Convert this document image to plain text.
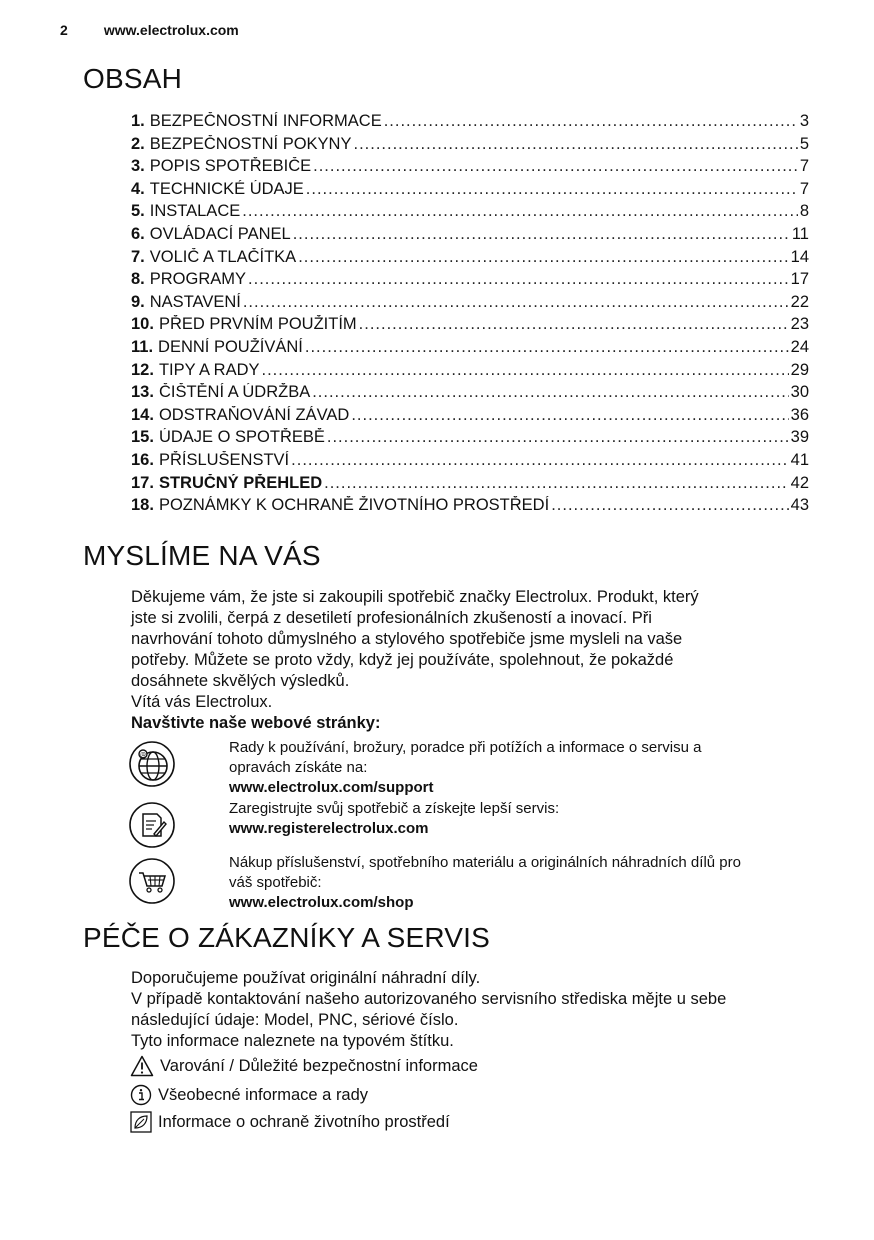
2	www.electrolux.com
OBSAH
1. BEZPEČNOSTNÍ INFORMACE .....	3
2. BEZPEČNOSTNÍ POKYNY .....	5
3. POPIS SPOTŘEBIČE .....	7
4. TECHNICKÉ ÚDAJE .....	7
5. INSTALACE .....	8
6. OVLÁDACÍ PANEL .....	11
7. VOLIČ A TLAČÍTKA .....	14
8. PROGRAMY .....	17
9. NASTAVENÍ .....	22
10. PŘED PRVNÍM POUŽITÍM .....	23
11. DENNÍ POUŽÍVÁNÍ .....	24
12. TIPY A RADY .....	29
13. ČIŠTĚNÍ A ÚDRŽBA .....	30
14. ODSTRAŇOVÁNÍ ZÁVAD .....	36
15. ÚDAJE O SPOTŘEBĚ .....	39
16. PŘÍSLUŠENSTVÍ .....	41
17. STRUČNÝ PŘEHLED .....	42
18. POZNÁMKY K OCHRANĚ ŽIVOTNÍHO PROSTŘEDÍ .....	43
MYSLÍME NA VÁS
Děkujeme vám, že jste si zakoupili spotřebič značky Electrolux. Produkt, který
jste si zvolili, čerpá z desetiletí profesionálních zkušeností a inovací. Při
navrhování tohoto důmyslného a stylového spotřebiče jsme mysleli na vaše
potřeby. Můžete se proto vždy, když jej používáte, spolehnout, že pokaždé
dosáhnete skvělých výsledků.
Vítá vás Electrolux.
Navštivte naše webové stránky:
@	Rady k používání, brožury, poradce při potížích a informace o servisu a
opravách získáte na:
www.electrolux.com/support
Zaregistrujte svůj spotřebič a získejte lepší servis:
www.registerelectrolux.com
Nákup příslušenství, spotřebního materiálu a originálních náhradních dílů pro
váš spotřebič:
www.electrolux.com/shop
PÉČE O ZÁKAZNÍKY A SERVIS
Doporučujeme používat originální náhradní díly.
V případě kontaktování našeho autorizovaného servisního střediska mějte u sebe
následující údaje: Model, PNC, sériové číslo.
Tyto informace naleznete na typovém štítku.
Varování / Důležité bezpečnostní informace
Všeobecné informace a rady
Informace o ochraně životního prostředí
